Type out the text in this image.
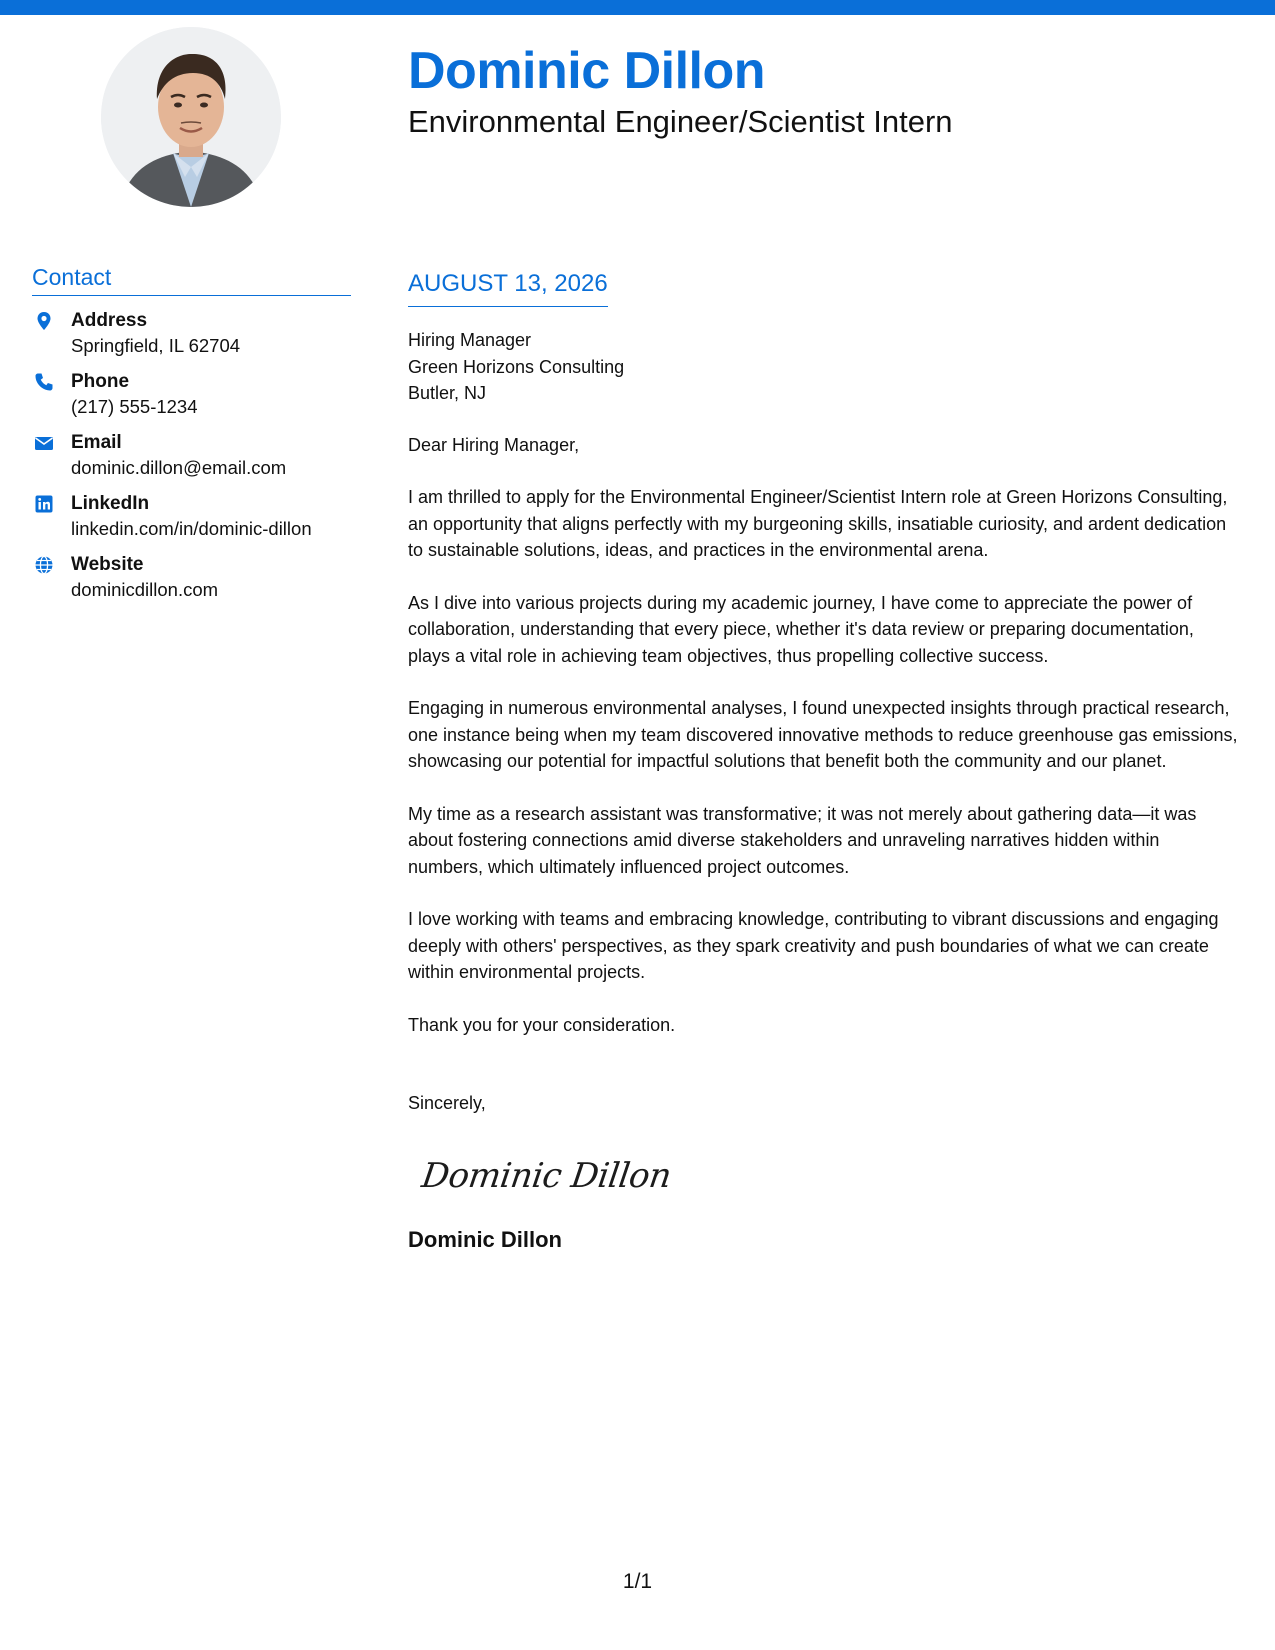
Dominic Dillon
Environmental Engineer/Scientist Intern
Contact
Address
Springfield, IL 62704
Phone
(217) 555-1234
Email
dominic.dillon@email.com
LinkedIn
linkedin.com/in/dominic-dillon
Website
dominicdillon.com
AUGUST 13, 2026
Hiring Manager
Green Horizons Consulting
Butler, NJ

Dear Hiring Manager,

I am thrilled to apply for the Environmental Engineer/Scientist Intern role at Green Horizons Consulting, an opportunity that aligns perfectly with my burgeoning skills, insatiable curiosity, and ardent dedication to sustainable solutions, ideas, and practices in the environmental arena.

As I dive into various projects during my academic journey, I have come to appreciate the power of collaboration, understanding that every piece, whether it's data review or preparing documentation, plays a vital role in achieving team objectives, thus propelling collective success.

Engaging in numerous environmental analyses, I found unexpected insights through practical research, one instance being when my team discovered innovative methods to reduce greenhouse gas emissions, showcasing our potential for impactful solutions that benefit both the community and our planet.

My time as a research assistant was transformative; it was not merely about gathering data—it was about fostering connections amid diverse stakeholders and unraveling narratives hidden within numbers, which ultimately influenced project outcomes.

I love working with teams and embracing knowledge, contributing to vibrant discussions and engaging deeply with others' perspectives, as they spark creativity and push boundaries of what we can create within environmental projects.

Thank you for your consideration.

Sincerely,

Dominic Dillon
Dominic Dillon
1/1
